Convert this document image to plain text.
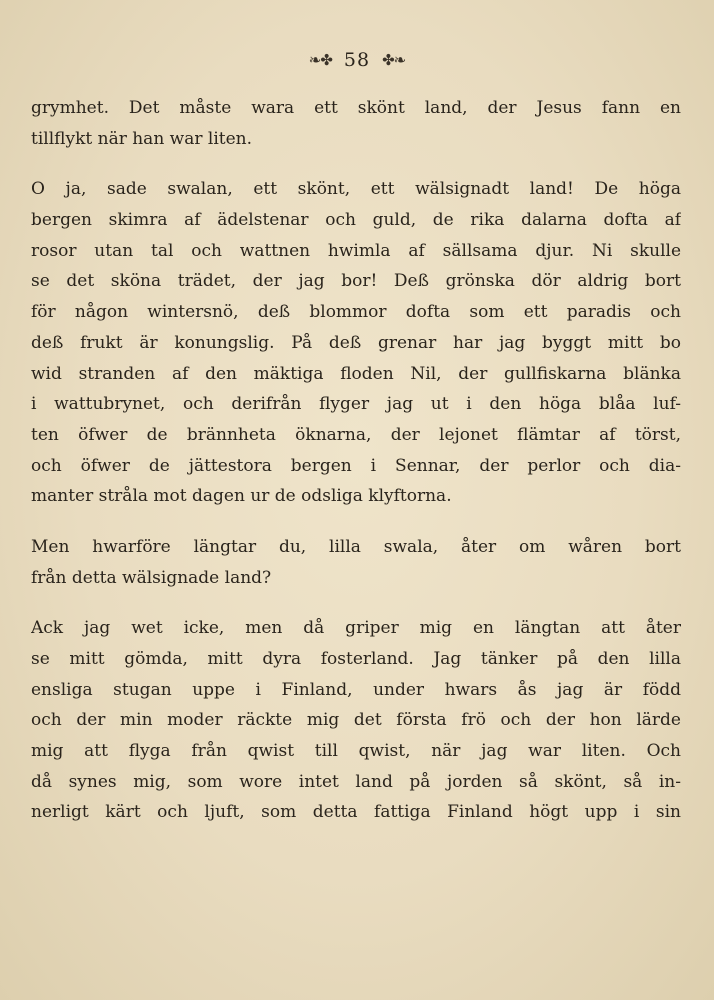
❧✤ 58 ✤❧
grymhet. Det måste wara ett skönt land, der Jesus fann en
tillflykt när han war liten.
O ja, sade swalan, ett skönt, ett wälsignadt land! De höga
bergen skimra af ädelstenar och guld, de rika dalarna dofta af
rosor utan tal och wattnen hwimla af sällsama djur. Ni skulle
se det sköna trädet, der jag bor! Deß grönska dör aldrig bort
för någon wintersnö, deß blommor dofta som ett paradis och
deß frukt är konungslig. På deß grenar har jag byggt mitt bo
wid stranden af den mäktiga floden Nil, der gullfiskarna blänka
i wattubrynet, och derifrån flyger jag ut i den höga blåa luf-
ten öfwer de brännheta öknarna, der lejonet flämtar af törst,
och öfwer de jättestora bergen i Sennar, der perlor och dia-
manter stråla mot dagen ur de odsliga klyftorna.
Men hwarföre längtar du, lilla swala, åter om wåren bort
från detta wälsignade land?
Ack jag wet icke, men då griper mig en längtan att åter
se mitt gömda, mitt dyra fosterland. Jag tänker på den lilla
ensliga stugan uppe i Finland, under hwars ås jag är född
och der min moder räckte mig det första frö och der hon lärde
mig att flyga från qwist till qwist, när jag war liten. Och
då synes mig, som wore intet land på jorden så skönt, så in-
nerligt kärt och ljuft, som detta fattiga Finland högt upp i sin
